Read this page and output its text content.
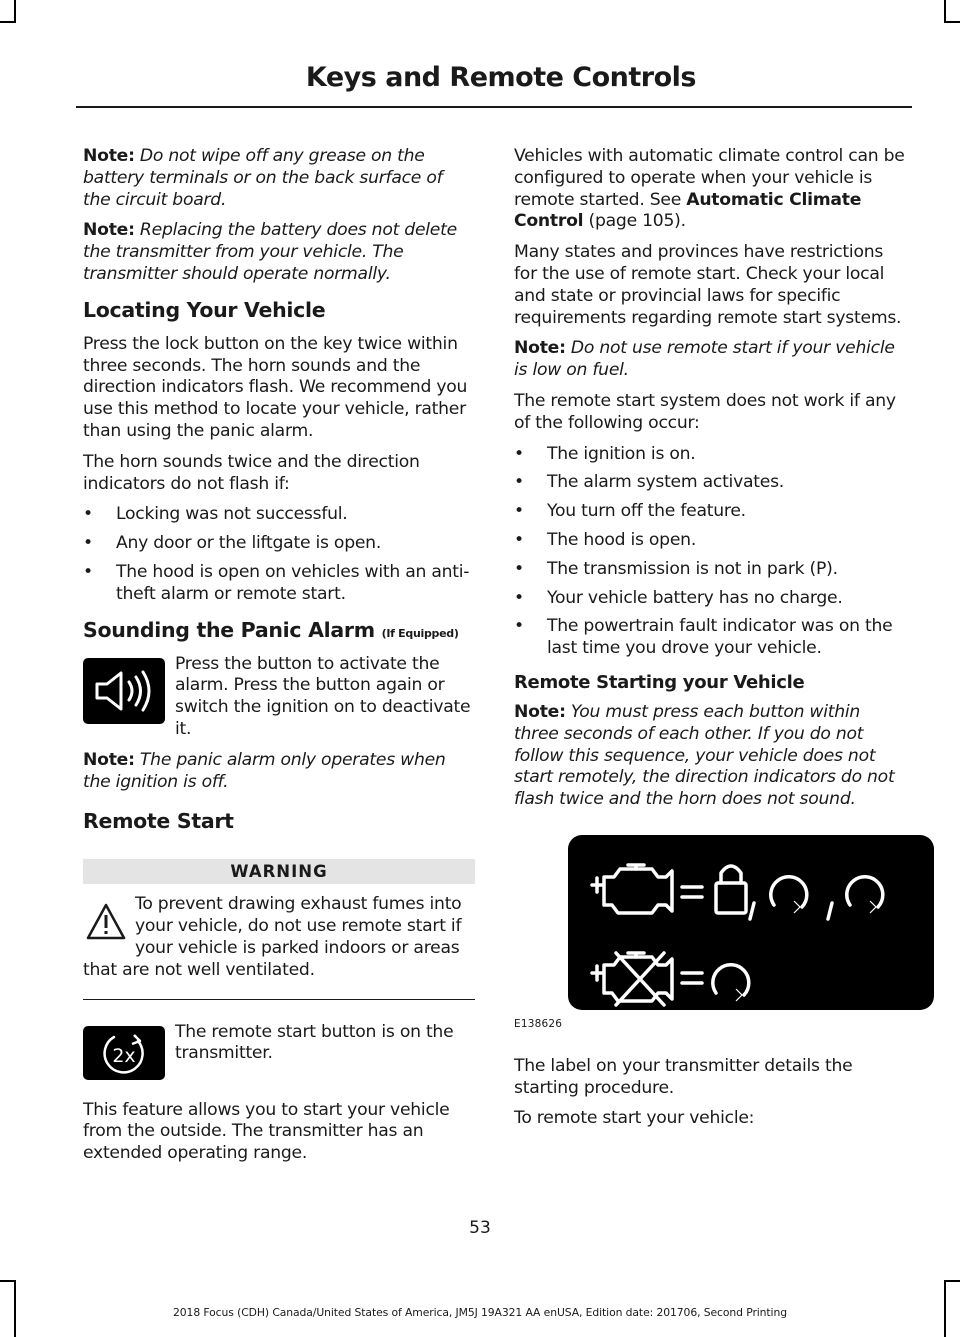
Keys and Remote Controls

Note: Do not wipe off any grease on the battery terminals or on the back surface of the circuit board.

Note: Replacing the battery does not delete the transmitter from your vehicle. The transmitter should operate normally.

Locating Your Vehicle

Press the lock button on the key twice within three seconds. The horn sounds and the direction indicators flash. We recommend you use this method to locate your vehicle, rather than using the panic alarm.

The horn sounds twice and the direction indicators do not flash if:

• Locking was not successful.
• Any door or the liftgate is open.
• The hood is open on vehicles with an anti-theft alarm or remote start.
Sounding the Panic Alarm (If Equipped)

Press the button to activate the alarm. Press the button again or switch the ignition on to deactivate it.

Note: The panic alarm only operates when the ignition is off.

Remote Start
WARNING

To prevent drawing exhaust fumes into your vehicle, do not use remote start if your vehicle is parked indoors or areas that are not well ventilated.

2x

The remote start button is on the transmitter.

This feature allows you to start your vehicle from the outside. The transmitter has an extended operating range.

Vehicles with automatic climate control can be configured to operate when your vehicle is remote started. See Automatic Climate Control (page 105).

Many states and provinces have restrictions for the use of remote start. Check your local and state or provincial laws for specific requirements regarding remote start systems.

Note: Do not use remote start if your vehicle is low on fuel.

The remote start system does not work if any of the following occur:

• The ignition is on.
• The alarm system activates.
• You turn off the feature.
• The hood is open.
• The transmission is not in park (P).
• Your vehicle battery has no charge.
• The powertrain fault indicator was on the last time you drove your vehicle.
Remote Starting your Vehicle

Note: You must press each button within three seconds of each other. If you do not follow this sequence, your vehicle does not start remotely, the direction indicators do not flash twice and the horn does not sound.

E138626

The label on your transmitter details the starting procedure.

To remote start your vehicle:

53
2018 Focus (CDH) Canada/United States of America, JM5J 19A321 AA enUSA, Edition date: 201706, Second Printing
